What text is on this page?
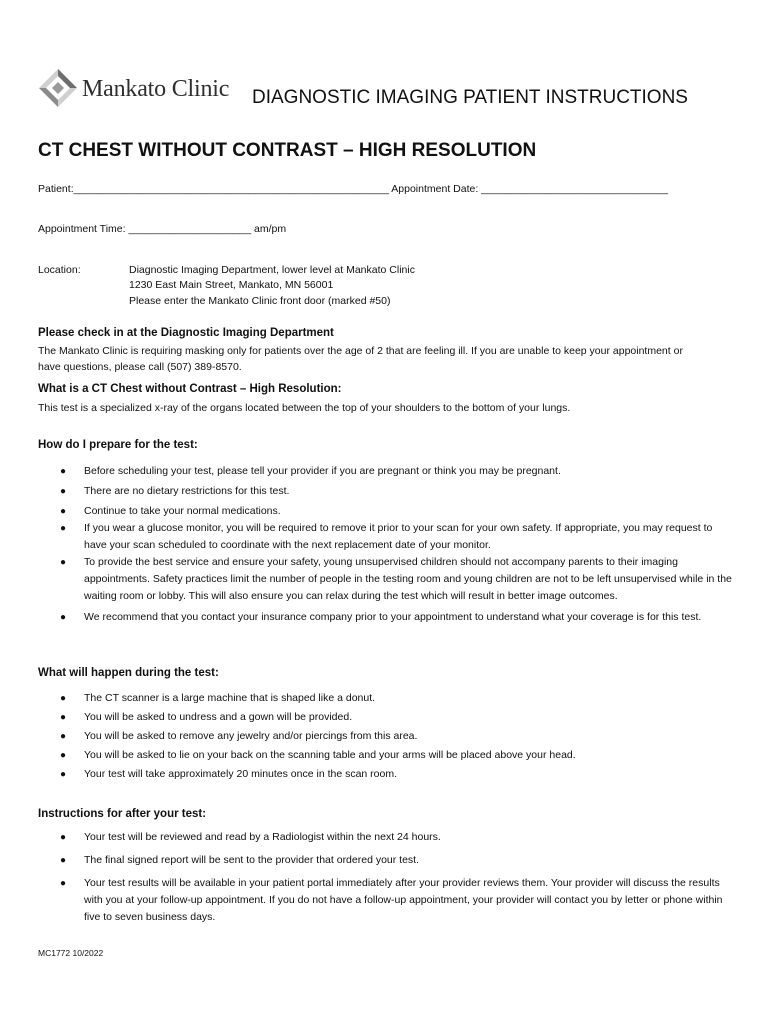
Mankato Clinic DIAGNOSTIC IMAGING PATIENT INSTRUCTIONS
CT CHEST WITHOUT CONTRAST – HIGH RESOLUTION
Patient:______________________________________________________ Appointment Date: ________________________________
Appointment Time: _____________________ am/pm
Location:	Diagnostic Imaging Department, lower level at Mankato Clinic
1230 East Main Street, Mankato, MN 56001
Please enter the Mankato Clinic front door (marked #50)
Please check in at the Diagnostic Imaging Department
The Mankato Clinic is requiring masking only for patients over the age of 2 that are feeling ill. If you are unable to keep your appointment or have questions, please call (507) 389-8570.
What is a CT Chest without Contrast – High Resolution:
This test is a specialized x-ray of the organs located between the top of your shoulders to the bottom of your lungs.
How do I prepare for the test:
● Before scheduling your test, please tell your provider if you are pregnant or think you may be pregnant.
● There are no dietary restrictions for this test.
● Continue to take your normal medications.
● If you wear a glucose monitor, you will be required to remove it prior to your scan for your own safety. If appropriate, you may request to have your scan scheduled to coordinate with the next replacement date of your monitor.
● To provide the best service and ensure your safety, young unsupervised children should not accompany parents to their imaging appointments. Safety practices limit the number of people in the testing room and young children are not to be left unsupervised while in the waiting room or lobby. This will also ensure you can relax during the test which will result in better image outcomes.
● We recommend that you contact your insurance company prior to your appointment to understand what your coverage is for this test.
What will happen during the test:
● The CT scanner is a large machine that is shaped like a donut.
● You will be asked to undress and a gown will be provided.
● You will be asked to remove any jewelry and/or piercings from this area.
● You will be asked to lie on your back on the scanning table and your arms will be placed above your head.
● Your test will take approximately 20 minutes once in the scan room.
Instructions for after your test:
● Your test will be reviewed and read by a Radiologist within the next 24 hours.
● The final signed report will be sent to the provider that ordered your test.
● Your test results will be available in your patient portal immediately after your provider reviews them. Your provider will discuss the results with you at your follow-up appointment. If you do not have a follow-up appointment, your provider will contact you by letter or phone within five to seven business days.
MC1772 10/2022
